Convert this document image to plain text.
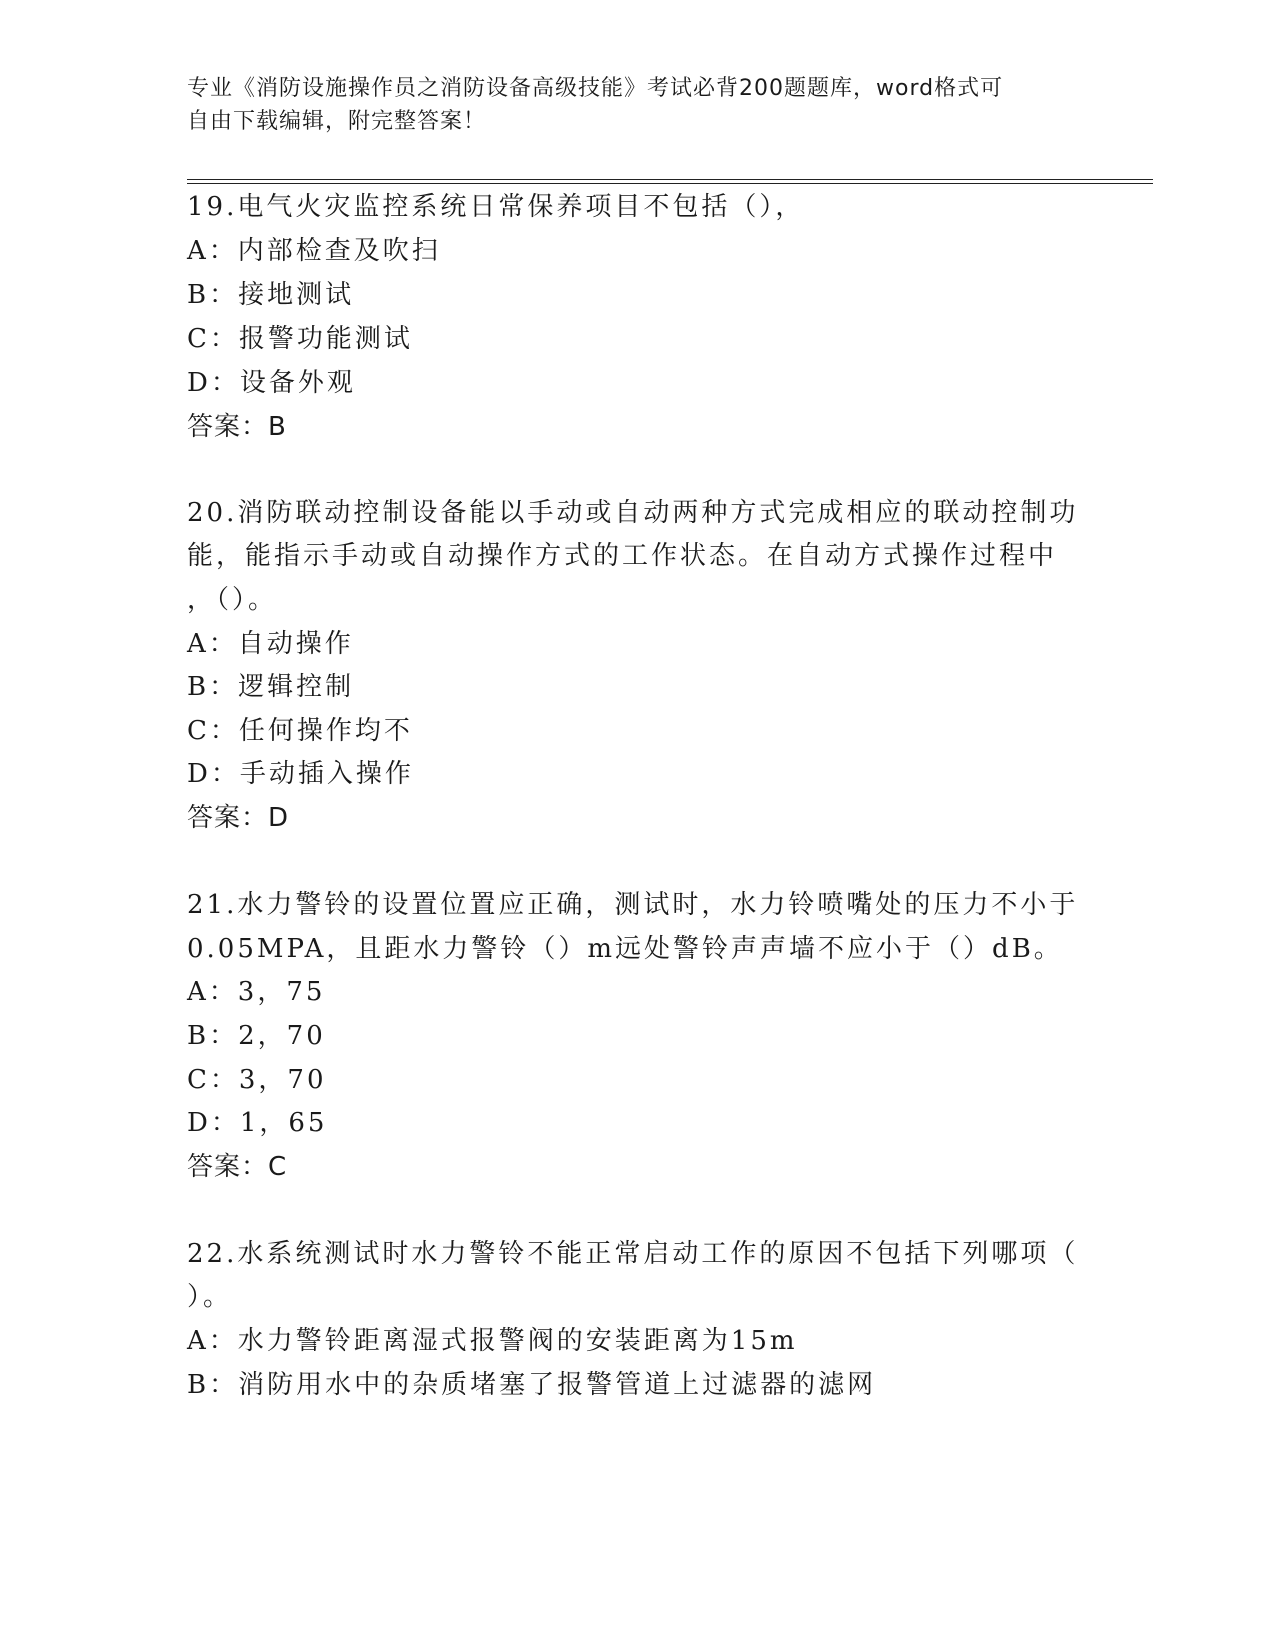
专业《消防设施操作员之消防设备高级技能》考试必背200题题库，word格式可
自由下载编辑，附完整答案！
19.电气火灾监控系统日常保养项目不包括（），
A：内部检查及吹扫
B：接地测试
C：报警功能测试
D：设备外观
答案：B
20.消防联动控制设备能以手动或自动两种方式完成相应的联动控制功
能，能指示手动或自动操作方式的工作状态。在自动方式操作过程中
，（）。
A：自动操作
B：逻辑控制
C：任何操作均不
D：手动插入操作
答案：D
21.水力警铃的设置位置应正确，测试时，水力铃喷嘴处的压力不小于
0.05MPA，且距水力警铃（）m远处警铃声声墙不应小于（）dB。
A：3，75
B：2，70
C：3，70
D：1，65
答案：C
22.水系统测试时水力警铃不能正常启动工作的原因不包括下列哪项（
）。
A：水力警铃距离湿式报警阀的安装距离为15m
B：消防用水中的杂质堵塞了报警管道上过滤器的滤网
